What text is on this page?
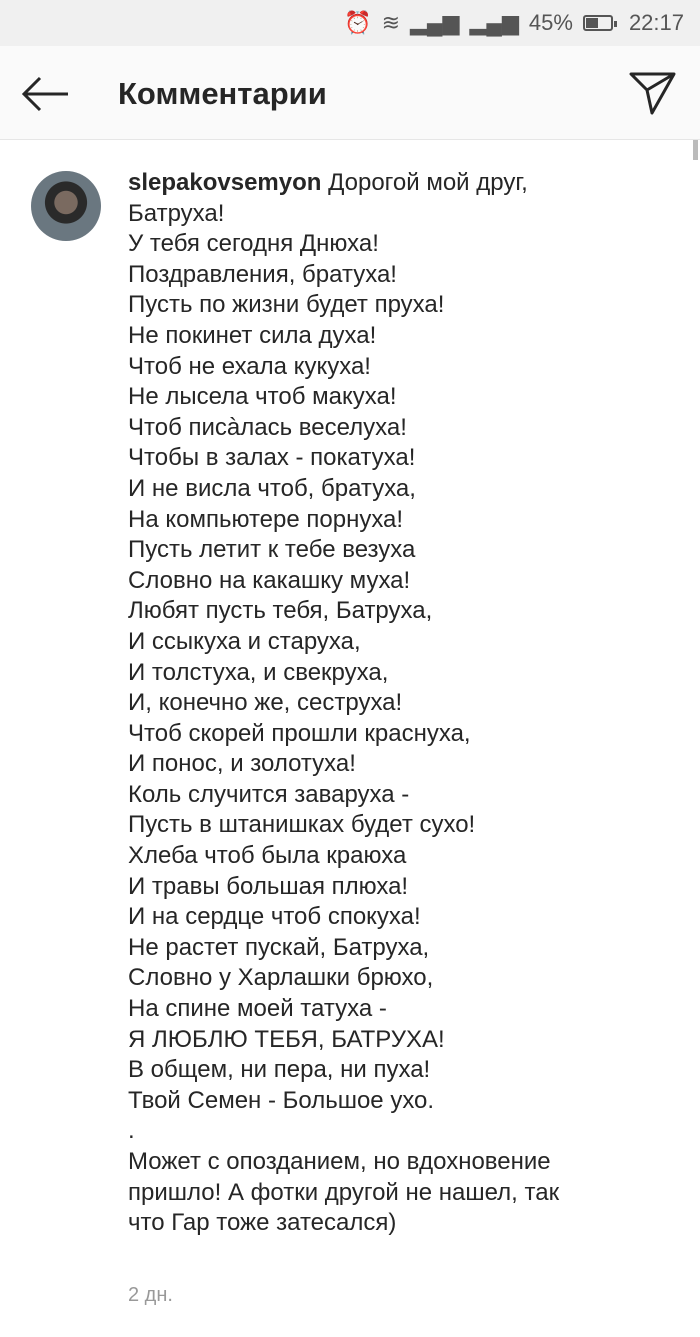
⏰ ≋ ▂▄▆ ▂▄▆ 45%	22:17
Комментарии
slepakovsemyon Дорогой мой друг,
Батруха!
У тебя сегодня Днюха!
Поздравления, братуха!
Пусть по жизни будет пруха!
Не покинет сила духа!
Чтоб не ехала кукуха!
Не лысела чтоб макуха!
Чтоб писàлась веселуха!
Чтобы в залах - покатуха!
И не висла чтоб, братуха,
На компьютере порнуха!
Пусть летит к тебе везуха
Словно на какашку муха!
Любят пусть тебя, Батруха,
И ссыкуха и старуха,
И толстуха, и свекруха,
И, конечно же, сеструха!
Чтоб скорей прошли краснуха,
И понос, и золотуха!
Коль случится заваруха -
Пусть в штанишках будет сухо!
Хлеба чтоб была краюха
И травы большая плюха!
И на сердце чтоб спокуха!
Не растет пускай, Батруха,
Словно у Харлашки брюхо,
На спине моей татуха -
Я ЛЮБЛЮ ТЕБЯ, БАТРУХА!
В общем, ни пера, ни пуха!
Твой Семен - Большое ухо.
.
Может с опозданием, но вдохновение
пришло! А фотки другой не нашел, так
что Гар тоже затесался)
2 дн.
